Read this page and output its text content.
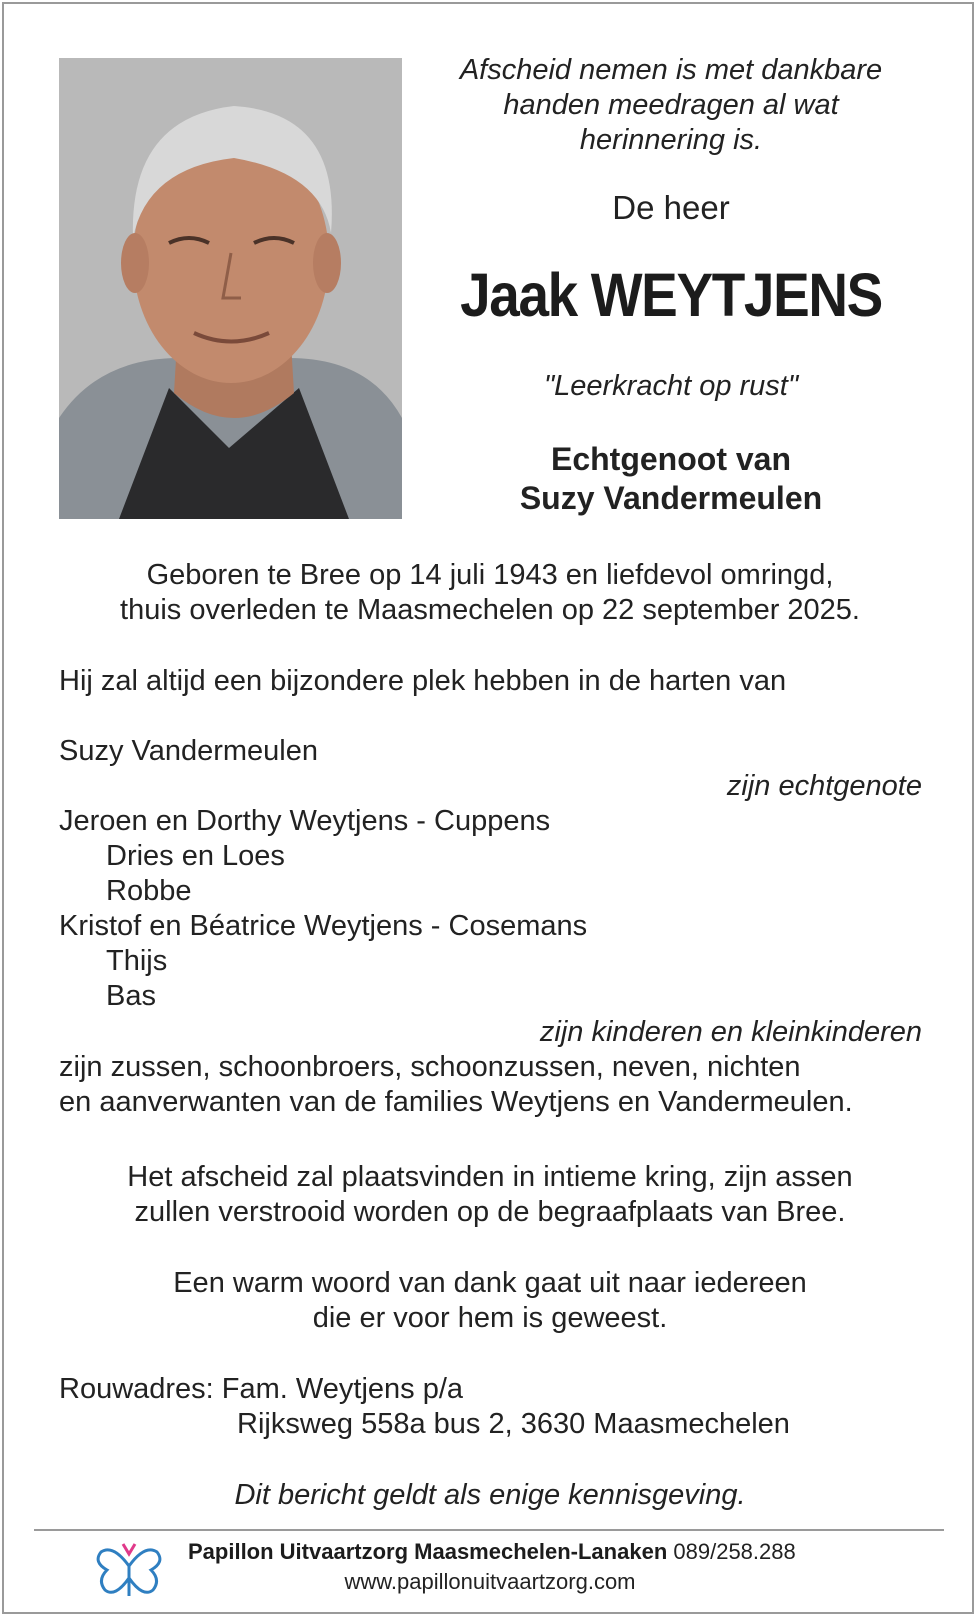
Afscheid nemen is met dankbare
handen meedragen al wat
herinnering is.
De heer
Jaak WEYTJENS
"Leerkracht op rust"
Echtgenoot van
Suzy Vandermeulen
Geboren te Bree op 14 juli 1943 en liefdevol omringd,
thuis overleden te Maasmechelen op 22 september 2025.
Hij zal altijd een bijzondere plek hebben in de harten van
Suzy Vandermeulen
Jeroen en Dorthy Weytjens - Cuppens
Dries en Loes
Robbe
Kristof en Béatrice Weytjens - Cosemans
Thijs
Bas
zijn echtgenote
zijn kinderen en kleinkinderen
zijn zussen, schoonbroers, schoonzussen, neven, nichten
en aanverwanten van de families Weytjens en Vandermeulen.
Het afscheid zal plaatsvinden in intieme kring, zijn assen
zullen verstrooid worden op de begraafplaats van Bree.
Een warm woord van dank gaat uit naar iedereen
die er voor hem is geweest.
Rouwadres: Fam. Weytjens p/a
Rijksweg 558a bus 2, 3630 Maasmechelen
Dit bericht geldt als enige kennisgeving.
Papillon Uitvaartzorg Maasmechelen-Lanaken 089/258.288
www.papillonuitvaartzorg.com
